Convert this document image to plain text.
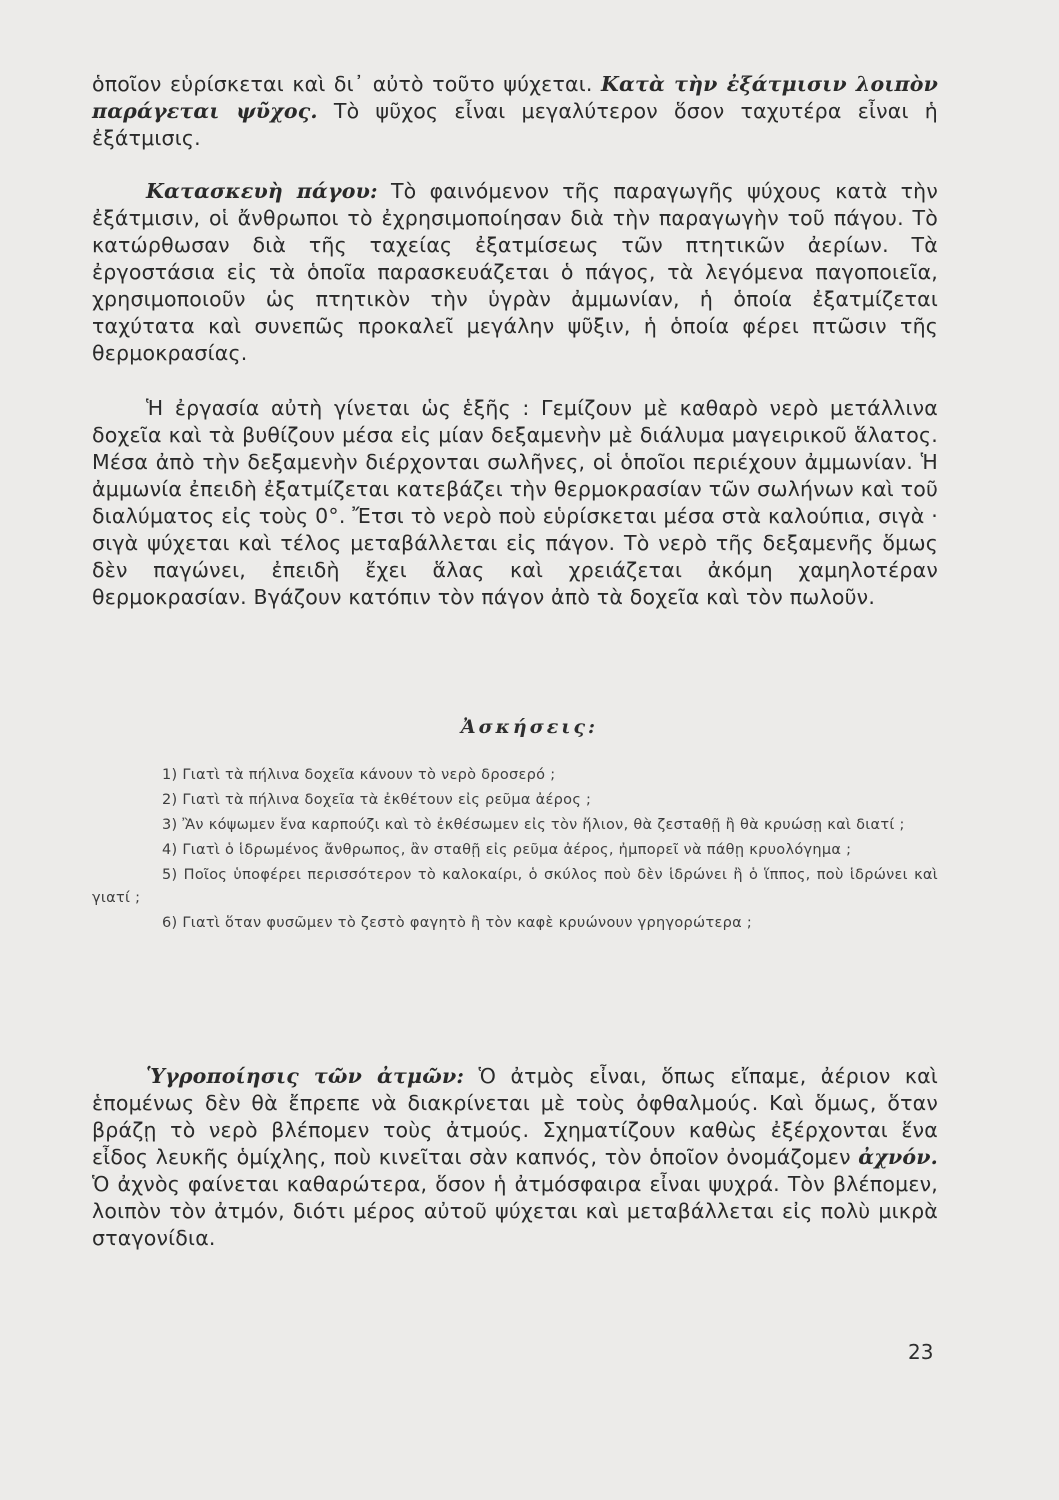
ὁποῖον εὑρίσκεται καὶ δι᾽ αὐτὸ τοῦτο ψύχεται. Κατὰ τὴν ἐξάτμισιν λοιπὸν παράγεται ψῦχος. Τὸ ψῦχος εἶναι μεγαλύτερον ὅσον ταχυτέρα εἶναι ἡ ἐξάτμισις.
Κατασκευὴ πάγου: Τὸ φαινόμενον τῆς παραγωγῆς ψύχους κατὰ τὴν ἐξάτμισιν, οἱ ἄνθρωποι τὸ ἐχρησιμοποίησαν διὰ τὴν παραγωγὴν τοῦ πάγου. Τὸ κατώρθωσαν διὰ τῆς ταχείας ἐξατμίσεως τῶν πτητικῶν ἀερίων. Τὰ ἐργοστάσια εἰς τὰ ὁποῖα παρασκευάζεται ὁ πάγος, τὰ λεγόμενα παγοποιεῖα, χρησιμοποιοῦν ὡς πτητικὸν τὴν ὑγρὰν ἀμμωνίαν, ἡ ὁποία ἐξατμίζεται ταχύτατα καὶ συνεπῶς προκαλεῖ μεγάλην ψῦξιν, ἡ ὁποία φέρει πτῶσιν τῆς θερμοκρασίας.
Ἡ ἐργασία αὐτὴ γίνεται ὡς ἑξῆς : Γεμίζουν μὲ καθαρὸ νερὸ μετάλλινα δοχεῖα καὶ τὰ βυθίζουν μέσα εἰς μίαν δεξαμενὴν μὲ διάλυμα μαγειρικοῦ ἅλατος. Μέσα ἀπὸ τὴν δεξαμενὴν διέρχονται σωλῆνες, οἱ ὁποῖοι περιέχουν ἀμμωνίαν. Ἡ ἀμμωνία ἐπειδὴ ἐξατμίζεται κατεβάζει τὴν θερμοκρασίαν τῶν σωλήνων καὶ τοῦ διαλύματος εἰς τοὺς 0°. Ἔτσι τὸ νερὸ ποὺ εὑρίσκεται μέσα στὰ καλούπια, σιγὰ · σιγὰ ψύχεται καὶ τέλος μεταβάλλεται εἰς πάγον. Τὸ νερὸ τῆς δεξαμενῆς ὅμως δὲν παγώνει, ἐπειδὴ ἔχει ἅλας καὶ χρειάζεται ἀκόμη χαμηλοτέραν θερμοκρασίαν. Βγάζουν κατόπιν τὸν πάγον ἀπὸ τὰ δοχεῖα καὶ τὸν πωλοῦν.
Ἀσκήσεις:
1) Γιατὶ τὰ πήλινα δοχεῖα κάνουν τὸ νερὸ δροσερό ;
2) Γιατὶ τὰ πήλινα δοχεῖα τὰ ἐκθέτουν εἰς ρεῦμα ἀέρος ;
3) Ἂν κόψωμεν ἕνα καρπούζι καὶ τὸ ἐκθέσωμεν εἰς τὸν ἥλιον, θὰ ζεσταθῇ ἢ θὰ κρυώσῃ καὶ διατί ;
4) Γιατὶ ὁ ἱδρωμένος ἄνθρωπος, ἂν σταθῇ εἰς ρεῦμα ἀέρος, ἠμπορεῖ νὰ πάθῃ κρυολόγημα ;
5) Ποῖος ὑποφέρει περισσότερον τὸ καλοκαίρι, ὁ σκύλος ποὺ δὲν ἱδρώνει ἢ ὁ ἵππος, ποὺ ἱδρώνει καὶ γιατί ;
6) Γιατὶ ὅταν φυσῶμεν τὸ ζεστὸ φαγητὸ ἢ τὸν καφὲ κρυώνουν γρηγορώτερα ;
Ὑγροποίησις τῶν ἀτμῶν: Ὁ ἀτμὸς εἶναι, ὅπως εἴπαμε, ἀέριον καὶ ἑπομένως δὲν θὰ ἔπρεπε νὰ διακρίνεται μὲ τοὺς ὀφθαλμούς. Καὶ ὅμως, ὅταν βράζῃ τὸ νερὸ βλέπομεν τοὺς ἀτμούς. Σχηματίζουν καθὼς ἐξέρχονται ἕνα εἶδος λευκῆς ὁμίχλης, ποὺ κινεῖται σὰν καπνός, τὸν ὁποῖον ὀνομάζομεν ἀχνόν. Ὁ ἀχνὸς φαίνεται καθαρώτερα, ὅσον ἡ ἀτμόσφαιρα εἶναι ψυχρά. Τὸν βλέπομεν, λοιπὸν τὸν ἀτμόν, διότι μέρος αὐτοῦ ψύχεται καὶ μεταβάλλεται εἰς πολὺ μικρὰ σταγονίδια.
23
